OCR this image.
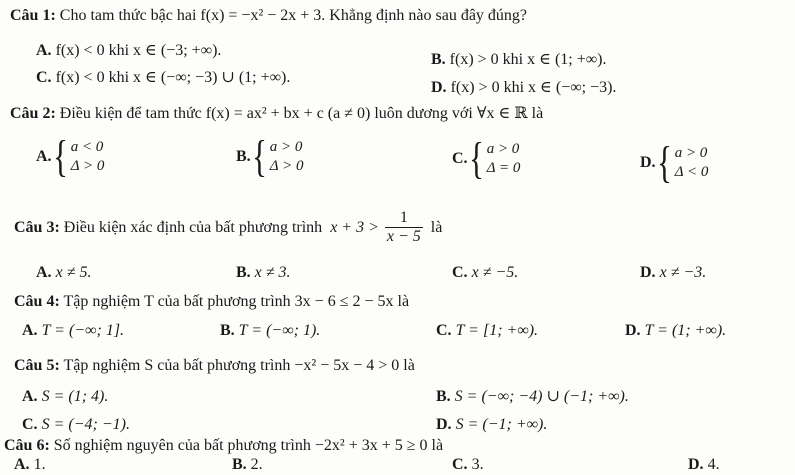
Câu 1: Cho tam thức bậc hai f(x) = −x² − 2x + 3. Khẳng định nào sau đây đúng?
A. f(x) < 0 khi x ∈ (−3; +∞).
B. f(x) > 0 khi x ∈ (1; +∞).
C. f(x) < 0 khi x ∈ (−∞; −3) ∪ (1; +∞).
D. f(x) > 0 khi x ∈ (−∞; −3).
Câu 2: Điều kiện để tam thức f(x) = ax² + bx + c (a ≠ 0) luôn dương với ∀x ∈ ℝ là
A. { a < 0
Δ > 0
B. { a > 0
Δ > 0	C. { a > 0
Δ = 0	D. { a > 0
Δ < 0
Câu 3: Điều kiện xác định của bất phương trình $x + 3 > \frac{1}{x - 5}$ là
A. x ≠ 5.	B. x ≠ 3.	C. x ≠ −5.	D. x ≠ −3.
Câu 4: Tập nghiệm T của bất phương trình 3x − 6 ≤ 2 − 5x là
A. T = (−∞; 1].	B. T = (−∞; 1).	C. T = [1; +∞).	D. T = (1; +∞).
Câu 5: Tập nghiệm S của bất phương trình −x² − 5x − 4 > 0 là
A. S = (1; 4).	B. S = (−∞; −4) ∪ (−1; +∞).
C. S = (−4; −1).	D. S = (−1; +∞).
Câu 6: Số nghiệm nguyên của bất phương trình −2x² + 3x + 5 ≥ 0 là
A. 1.	B. 2.	C. 3.	D. 4.
